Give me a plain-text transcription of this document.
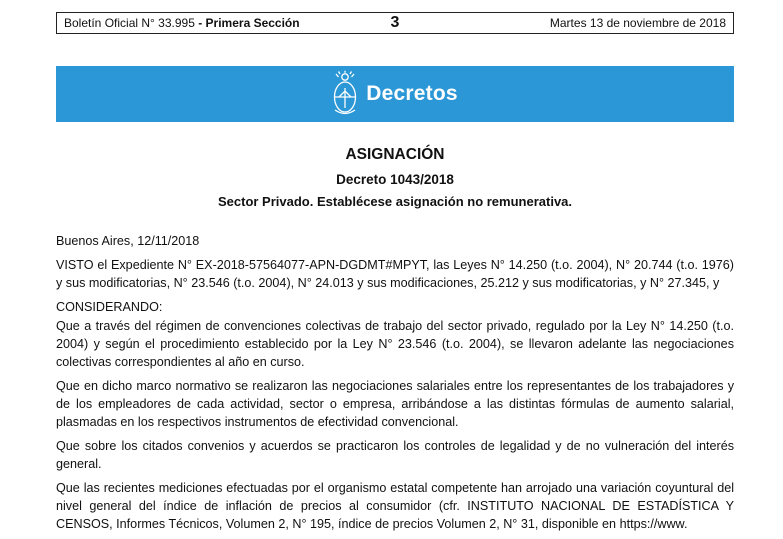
Boletín Oficial N° 33.995 - Primera Sección	3	Martes 13 de noviembre de 2018
Decretos
ASIGNACIÓN
Decreto 1043/2018
Sector Privado. Establécese asignación no remunerativa.

Buenos Aires, 12/11/2018

VISTO el Expediente N° EX-2018-57564077-APN-DGDMT#MPYT, las Leyes N° 14.250 (t.o. 2004), N° 20.744 (t.o. 1976) y sus modificatorias, N° 23.546 (t.o. 2004), N° 24.013 y sus modificaciones, 25.212 y sus modificatorias, y N° 27.345, y

CONSIDERANDO:

Que a través del régimen de convenciones colectivas de trabajo del sector privado, regulado por la Ley N° 14.250 (t.o. 2004) y según el procedimiento establecido por la Ley N° 23.546 (t.o. 2004), se llevaron adelante las negociaciones colectivas correspondientes al año en curso.

Que en dicho marco normativo se realizaron las negociaciones salariales entre los representantes de los trabajadores y de los empleadores de cada actividad, sector o empresa, arribándose a las distintas fórmulas de aumento salarial, plasmadas en los respectivos instrumentos de efectividad convencional.

Que sobre los citados convenios y acuerdos se practicaron los controles de legalidad y de no vulneración del interés general.

Que las recientes mediciones efectuadas por el organismo estatal competente han arrojado una variación coyuntural del nivel general del índice de inflación de precios al consumidor (cfr. INSTITUTO NACIONAL DE ESTADÍSTICA Y CENSOS, Informes Técnicos, Volumen 2, N° 195, índice de precios Volumen 2, N° 31, disponible en https://www.
